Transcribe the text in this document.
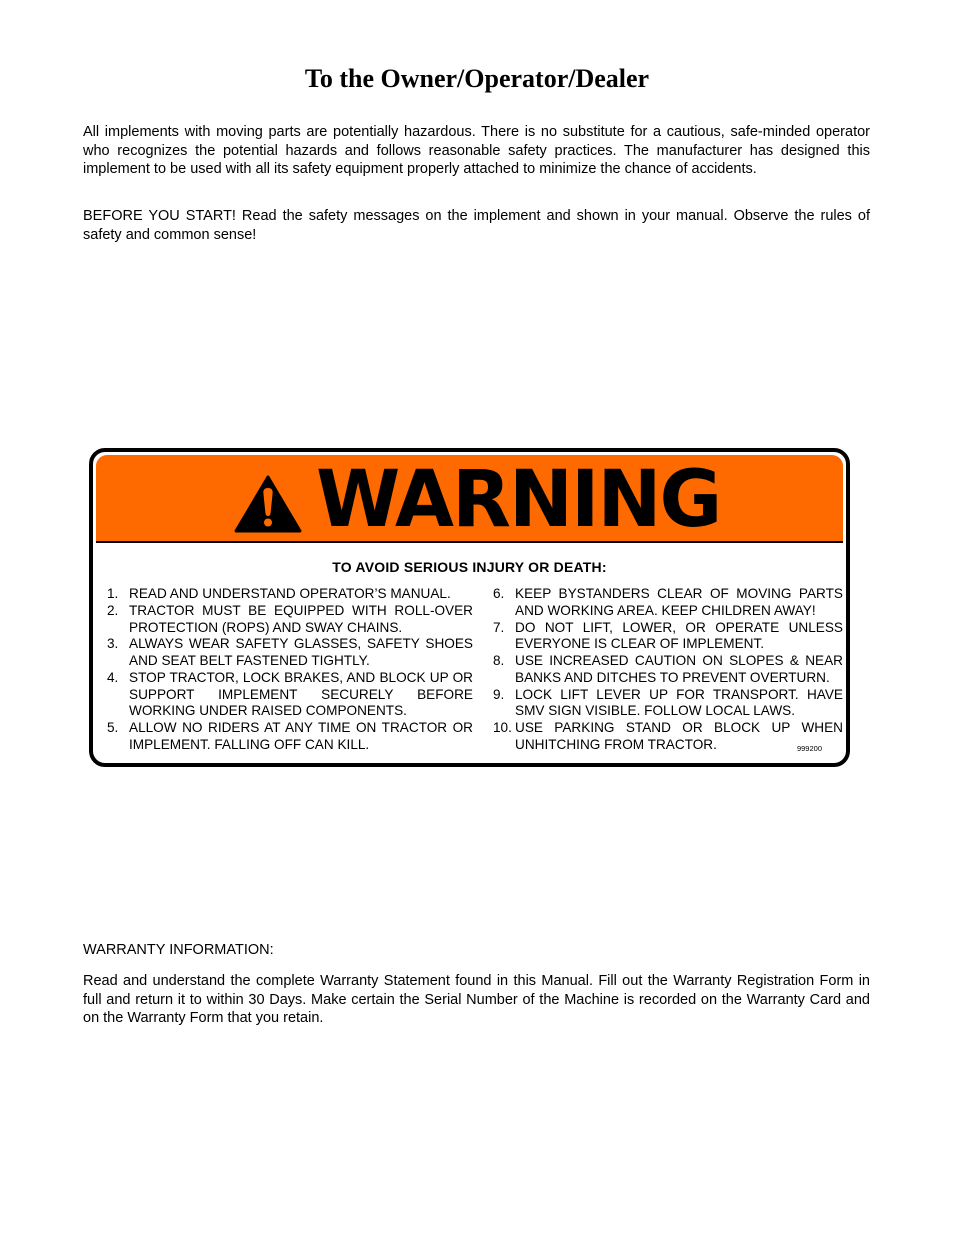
To the Owner/Operator/Dealer

All implements with moving parts are potentially hazardous. There is no substitute for a cautious, safe-minded operator who recognizes the potential hazards and follows reasonable safety practices. The manufacturer has designed this implement to be used with all its safety equipment properly attached to minimize the chance of accidents.

BEFORE YOU START! Read the safety messages on the implement and shown in your manual. Observe the rules of safety and common sense!

WARNING
TO AVOID SERIOUS INJURY OR DEATH:
1. READ AND UNDERSTAND OPERATOR’S MANUAL.
2. TRACTOR MUST BE EQUIPPED WITH ROLL-OVER PROTECTION (ROPS) AND SWAY CHAINS.
3. ALWAYS WEAR SAFETY GLASSES, SAFETY SHOES AND SEAT BELT FASTENED TIGHTLY.
4. STOP TRACTOR, LOCK BRAKES, AND BLOCK UP OR SUPPORT IMPLEMENT SECURELY BEFORE WORKING UNDER RAISED COMPONENTS.
5. ALLOW NO RIDERS AT ANY TIME ON TRACTOR OR IMPLEMENT. FALLING OFF CAN KILL.
6. KEEP BYSTANDERS CLEAR OF MOVING PARTS AND WORKING AREA. KEEP CHILDREN AWAY!
7. DO NOT LIFT, LOWER, OR OPERATE UNLESS EVERYONE IS CLEAR OF IMPLEMENT.
8. USE INCREASED CAUTION ON SLOPES & NEAR BANKS AND DITCHES TO PREVENT OVERTURN.
9. LOCK LIFT LEVER UP FOR TRANSPORT. HAVE SMV SIGN VISIBLE. FOLLOW LOCAL LAWS.
10. USE PARKING STAND OR BLOCK UP WHEN UNHITCHING FROM TRACTOR.	999200

WARRANTY INFORMATION:

Read and understand the complete Warranty Statement found in this Manual. Fill out the Warranty Registration Form in full and return it to within 30 Days. Make certain the Serial Number of the Machine is recorded on the Warranty Card and on the Warranty Form that you retain.
